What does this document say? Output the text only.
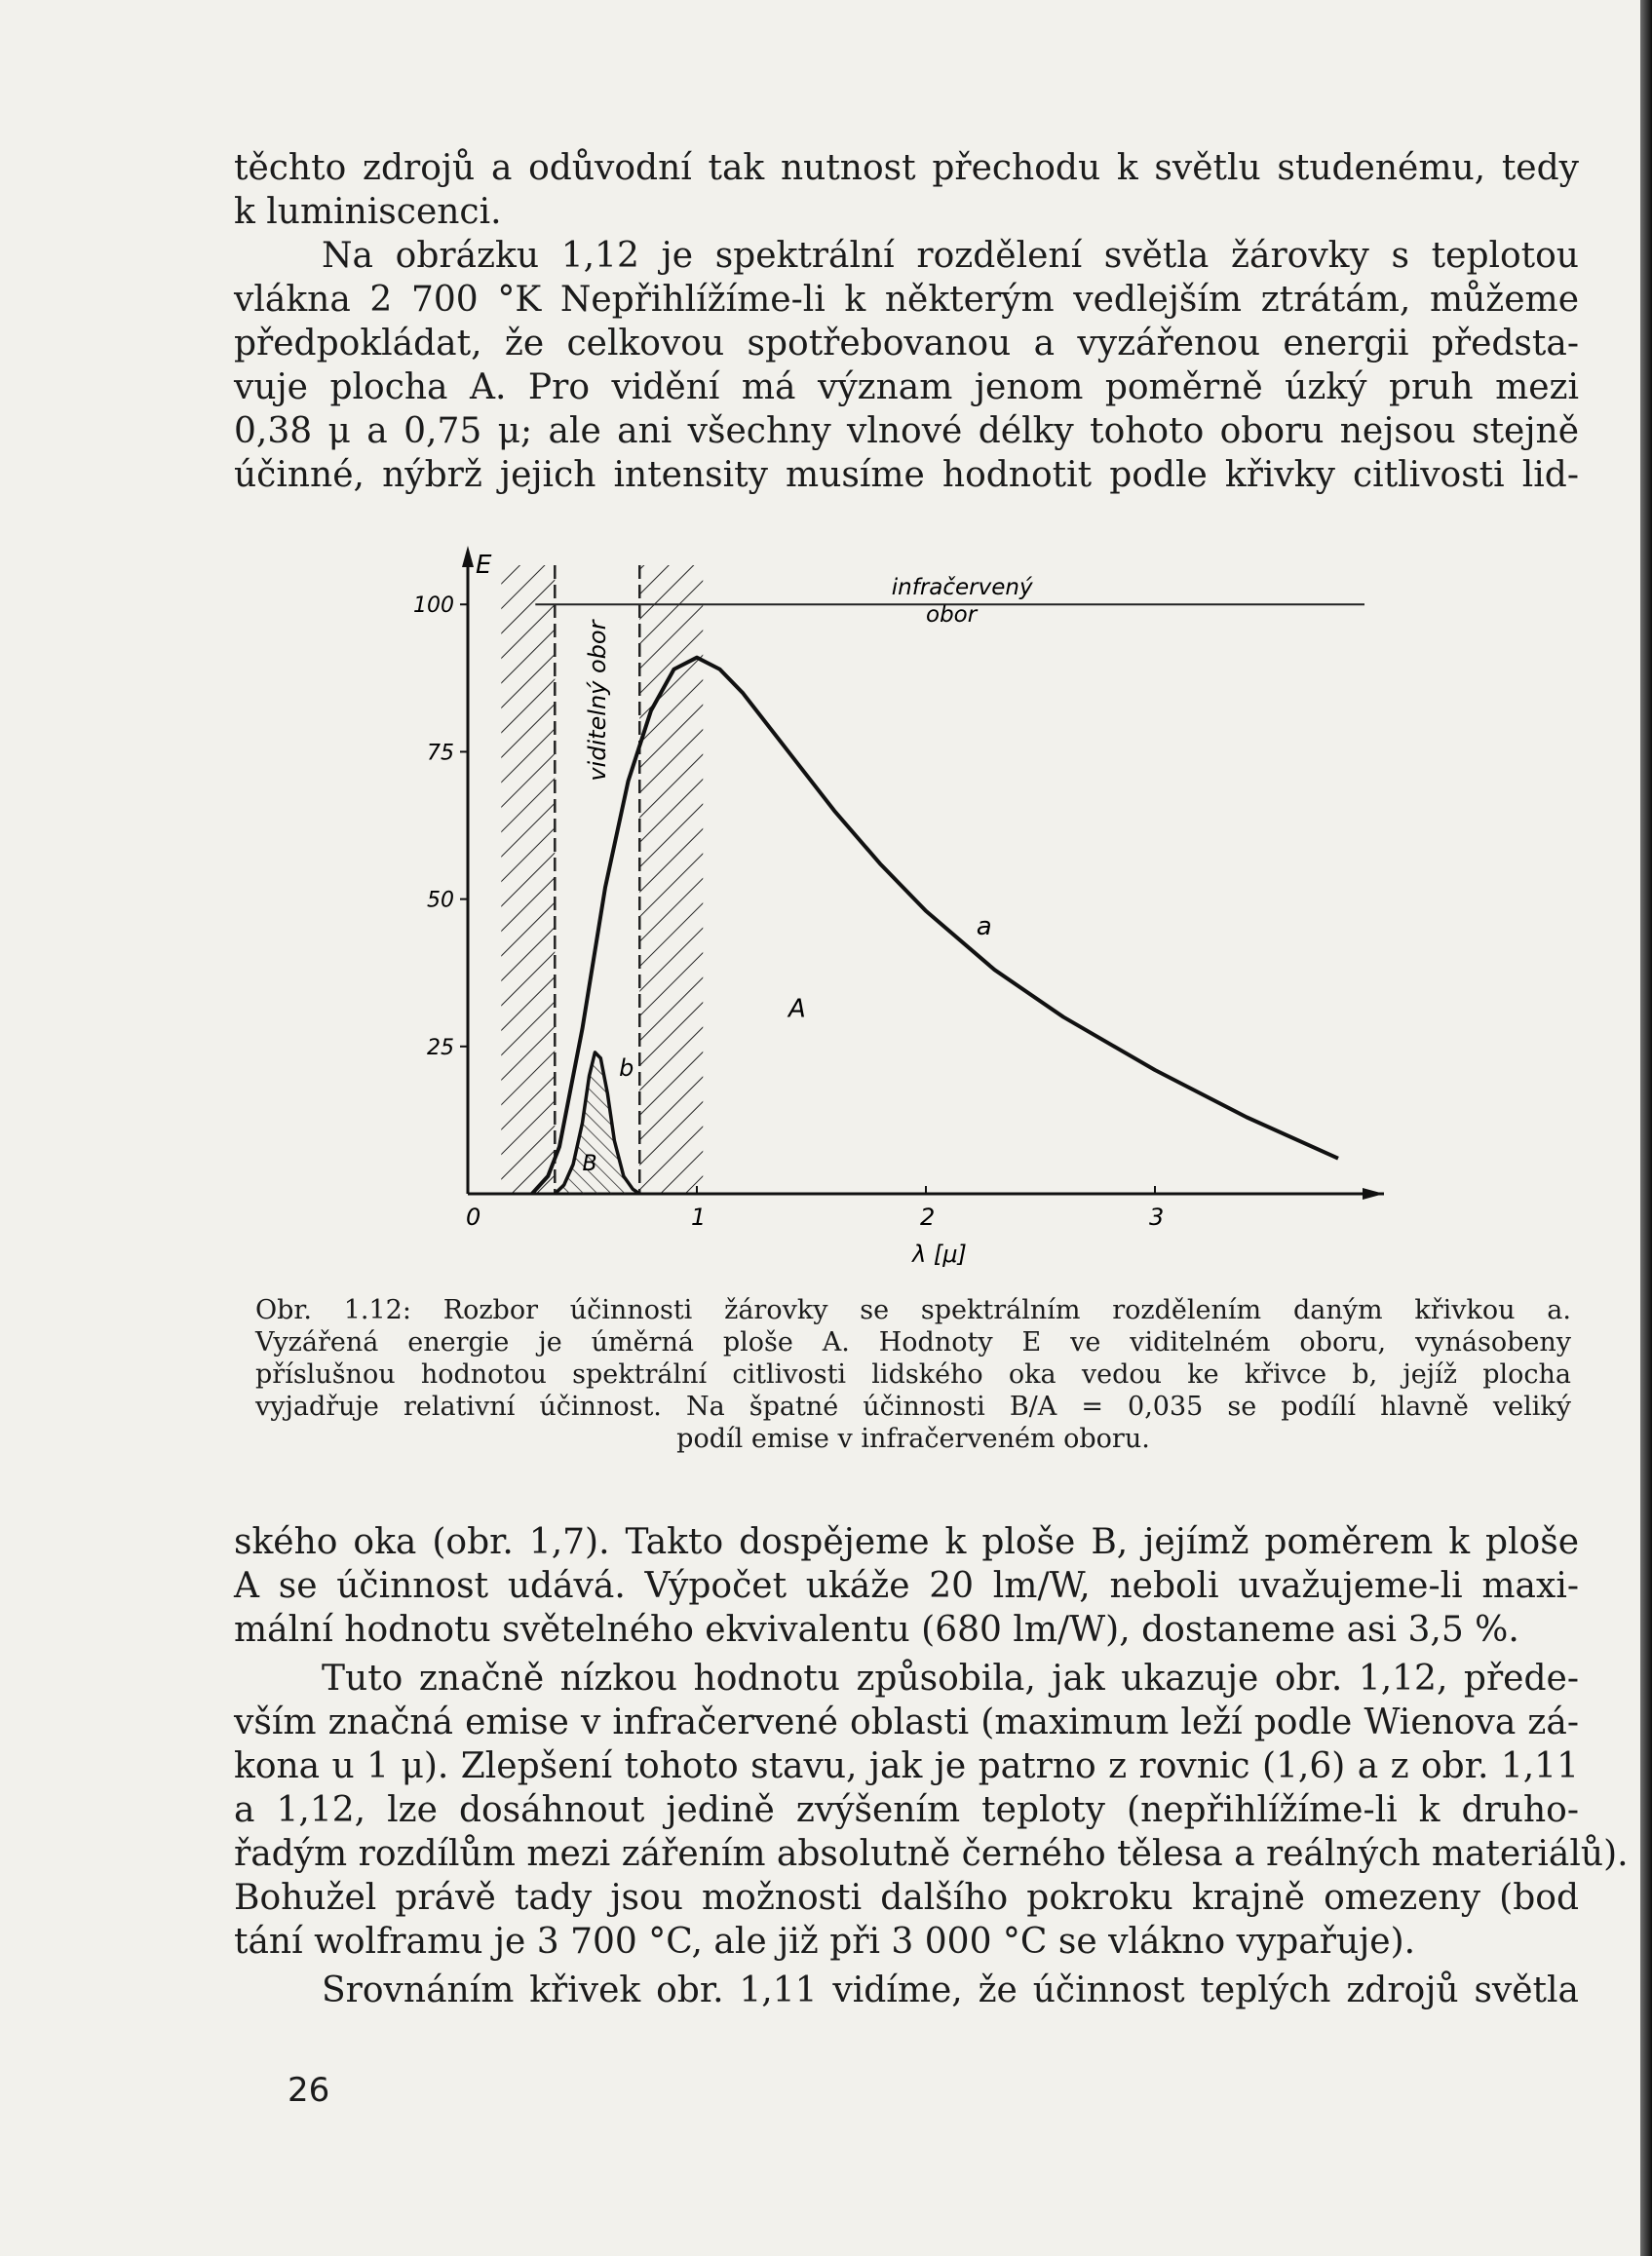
těchto zdrojů a odůvodní tak nutnost přechodu k světlu studenému, tedy
k luminiscenci.
Na obrázku 1,12 je spektrální rozdělení světla žárovky s teplotou
vlákna 2 700 °K Nepřihlížíme-li k některým vedlejším ztrátám, můžeme
předpokládat, že celkovou spotřebovanou a vyzářenou energii předsta-
vuje plocha A. Pro vidění má význam jenom poměrně úzký pruh mezi
0,38 μ a 0,75 μ; ale ani všechny vlnové délky tohoto oboru nejsou stejně
účinné, nýbrž jejich intensity musíme hodnotit podle křivky citlivosti lid-
0	1	2	3
100
75
50
25
a
b
A
B
E
λ [μ]
infračervený
obor
viditelný obor
Obr. 1.12: Rozbor účinnosti žárovky se spektrálním rozdělením daným křivkou a.
Vyzářená energie je úměrná ploše A. Hodnoty E ve viditelném oboru, vynásobeny
příslušnou hodnotou spektrální citlivosti lidského oka vedou ke křivce b, jejíž plocha
vyjadřuje relativní účinnost. Na špatné účinnosti B/A = 0,035 se podílí hlavně veliký
podíl emise v infračerveném oboru.
ského oka (obr. 1,7). Takto dospějeme k ploše B, jejímž poměrem k ploše
A se účinnost udává. Výpočet ukáže 20 lm/W, neboli uvažujeme-li maxi-
mální hodnotu světelného ekvivalentu (680 lm/W), dostaneme asi 3,5 %.
Tuto značně nízkou hodnotu způsobila, jak ukazuje obr. 1,12, přede-
vším značná emise v infračervené oblasti (maximum leží podle Wienova zá-
kona u 1 μ). Zlepšení tohoto stavu, jak je patrno z rovnic (1,6) a z obr. 1,11
a 1,12, lze dosáhnout jedině zvýšením teploty (nepřihlížíme-li k druho-
řadým rozdílům mezi zářením absolutně černého tělesa a reálných materiálů).
Bohužel právě tady jsou možnosti dalšího pokroku krajně omezeny (bod
tání wolframu je 3 700 °C, ale již při 3 000 °C se vlákno vypařuje).
Srovnáním křivek obr. 1,11 vidíme, že účinnost teplých zdrojů světla
26
